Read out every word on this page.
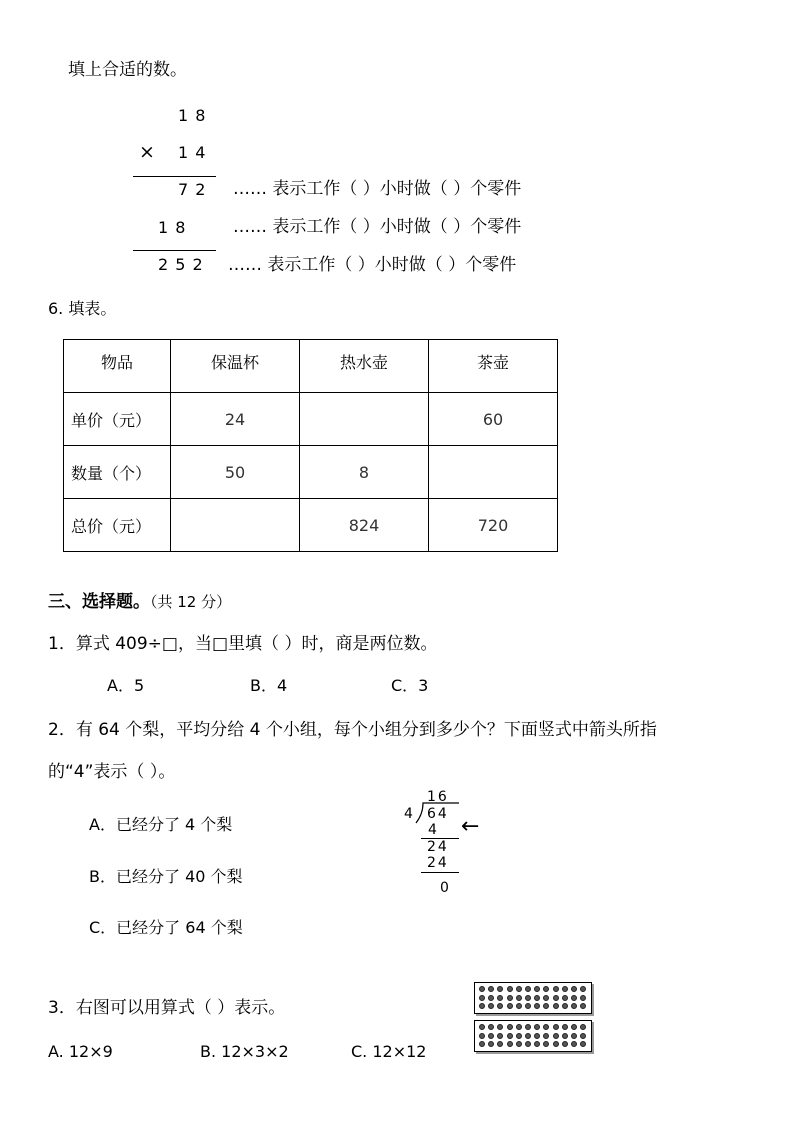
填上合适的数。
1 8
× 1 4
7 2
1 8
2 5 2
…… 表示工作（ ）小时做（ ）个零件
…… 表示工作（ ）小时做（ ）个零件
…… 表示工作（ ）小时做（ ）个零件
6. 填表。
物品	保温杯	热水壶	茶壶
单价（元）	24		60
数量（个）	50	8	
总价（元）		824	720
三、选择题。（共 12 分）
1．算式 409÷□，当□里填（ ）时，商是两位数。
A．5	B．4	C．3
2．有 64 个梨，平均分给 4 个小组，每个小组分到多少个？下面竖式中箭头所指
的“4”表示（ ）。
A．已经分了 4 个梨
B．已经分了 40 个梨
C．已经分了 64 个梨
16
4 64
4
24
24
0
←
3．右图可以用算式（ ）表示。
A. 12×9	B. 12×3×2	C. 12×12
